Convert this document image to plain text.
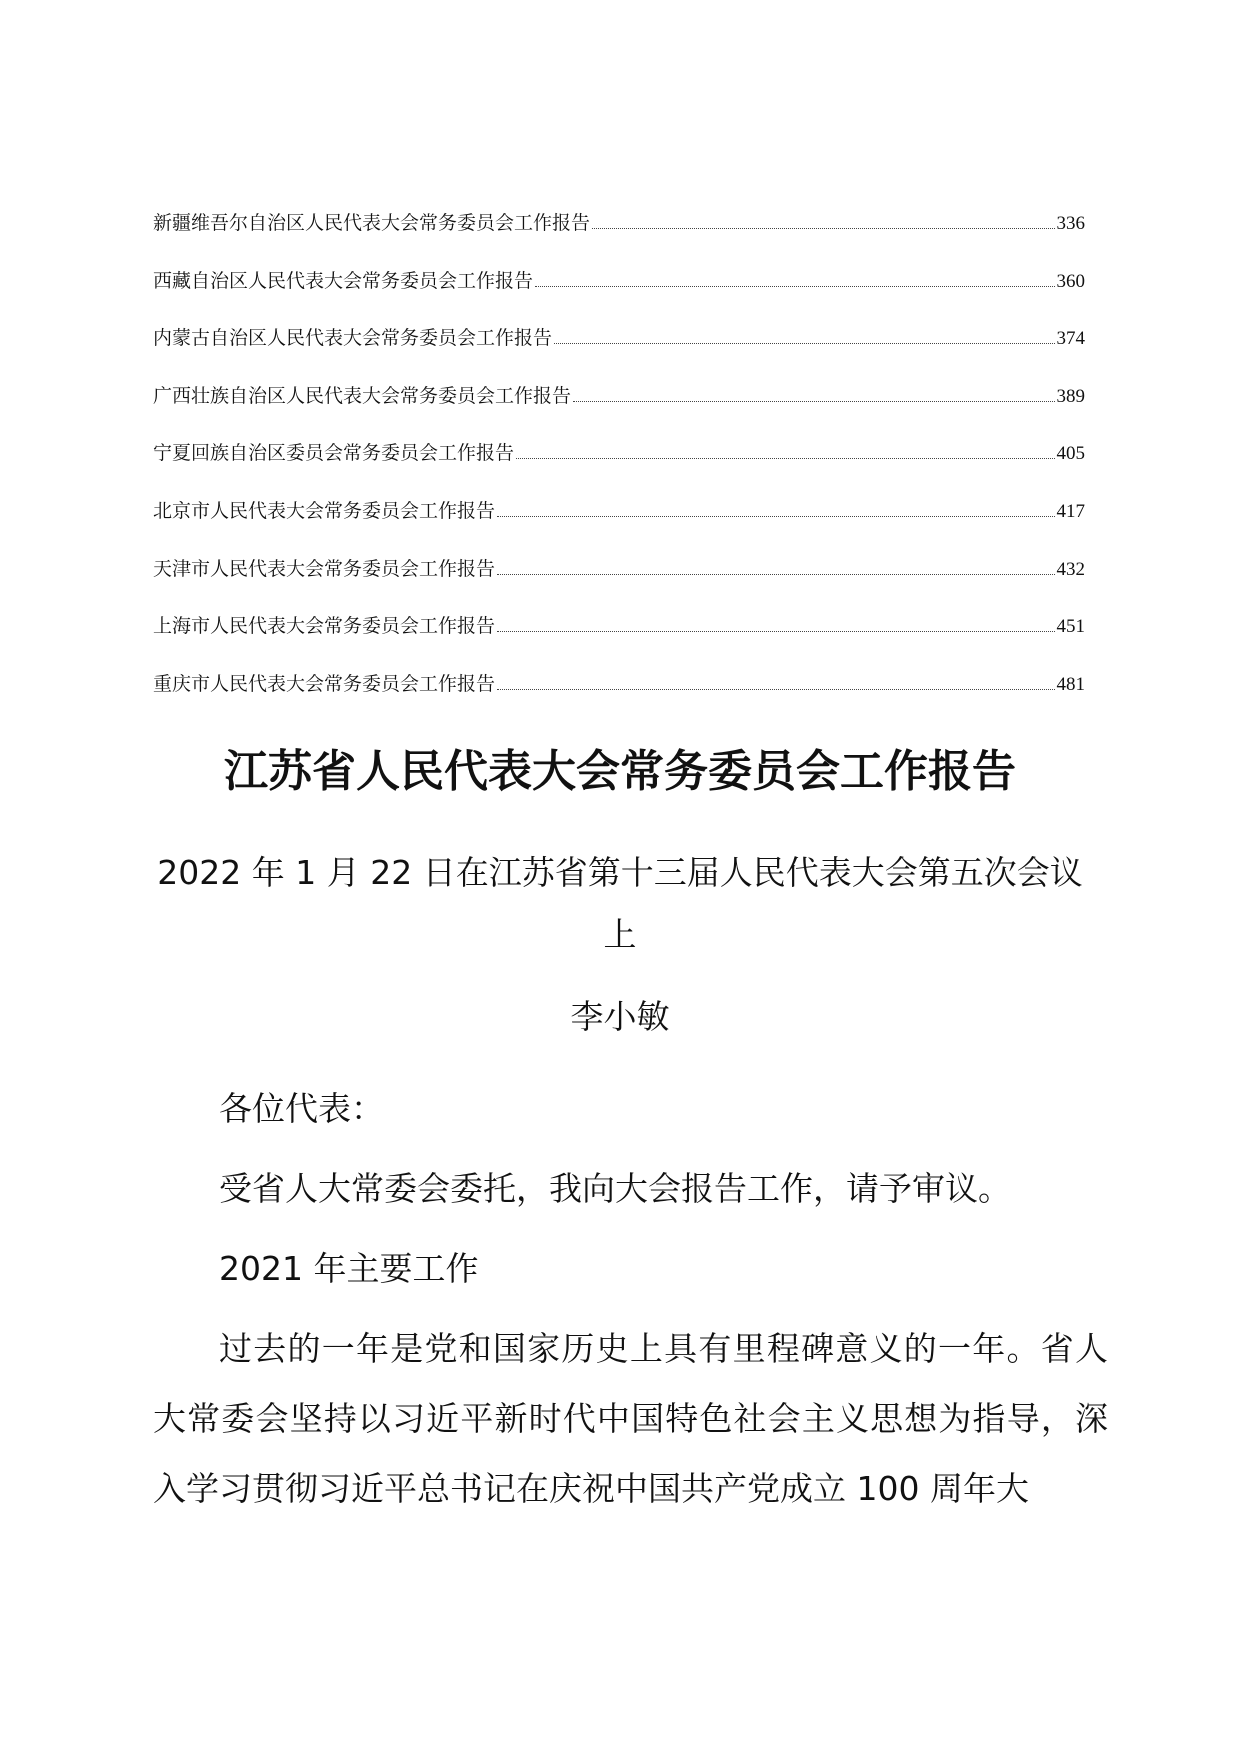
新疆维吾尔自治区人民代表大会常务委员会工作报告	336
西藏自治区人民代表大会常务委员会工作报告	360
内蒙古自治区人民代表大会常务委员会工作报告	374
广西壮族自治区人民代表大会常务委员会工作报告	389
宁夏回族自治区委员会常务委员会工作报告	405
北京市人民代表大会常务委员会工作报告	417
天津市人民代表大会常务委员会工作报告	432
上海市人民代表大会常务委员会工作报告	451
重庆市人民代表大会常务委员会工作报告	481
江苏省人民代表大会常务委员会工作报告

2022 年 1 月 22 日在江苏省第十三届人民代表大会第五次会议上

李小敏

各位代表：

受省人大常委会委托，我向大会报告工作，请予审议。

2021 年主要工作

过去的一年是党和国家历史上具有里程碑意义的一年。省人大常委会坚持以习近平新时代中国特色社会主义思想为指导，深入学习贯彻习近平总书记在庆祝中国共产党成立 100 周年大
